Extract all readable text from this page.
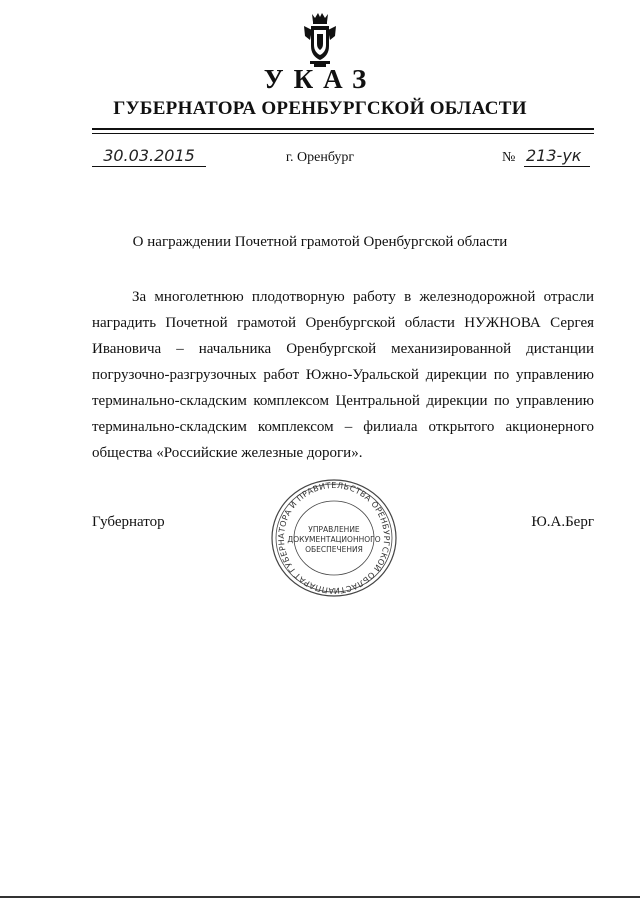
УКАЗ
ГУБЕРНАТОРА ОРЕНБУРГСКОЙ ОБЛАСТИ
30.03.2015	г. Оренбург	№ 213-ук
О награждении Почетной грамотой Оренбургской области

За многолетнюю плодотворную работу в железнодорожной отрасли наградить Почетной грамотой Оренбургской области НУЖНОВА Сергея Ивановича – начальника Оренбургской механизированной дистанции погрузочно-разгрузочных работ Южно-Уральской дирекции по управлению терминально-складским комплексом Центральной дирекции по управлению терминально-складским комплексом – филиала открытого акционерного общества «Российские железные дороги».

Губернатор	Ю.А.Берг
АППАРАТ ГУБЕРНАТОРА И ПРАВИТЕЛЬСТВА ОРЕНБУРГСКОЙ ОБЛАСТИ
УПРАВЛЕНИЕ
ДОКУМЕНТАЦИОННОГО
ОБЕСПЕЧЕНИЯ
